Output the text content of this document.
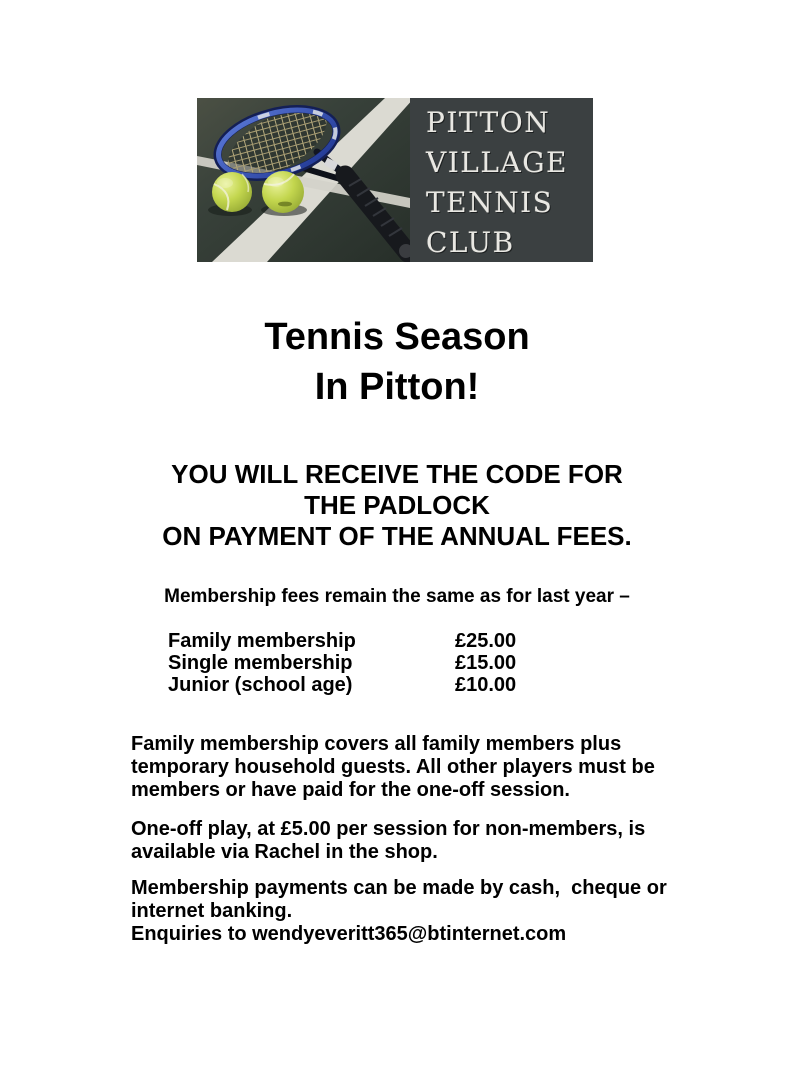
PITTON
VILLAGE
TENNIS
CLUB
Tennis Season
In Pitton!
YOU WILL RECEIVE THE CODE FOR
THE PADLOCK
ON PAYMENT OF THE ANNUAL FEES.
Membership fees remain the same as for last year –
Family membership	£25.00
Single membership	£15.00
Junior (school age)	£10.00
Family membership covers all family members plus
temporary household guests. All other players must be
members or have paid for the one-off session.
One-off play, at £5.00 per session for non-members, is
available via Rachel in the shop.
Membership payments can be made by cash,  cheque or
internet banking.
Enquiries to wendyeveritt365@btinternet.com
